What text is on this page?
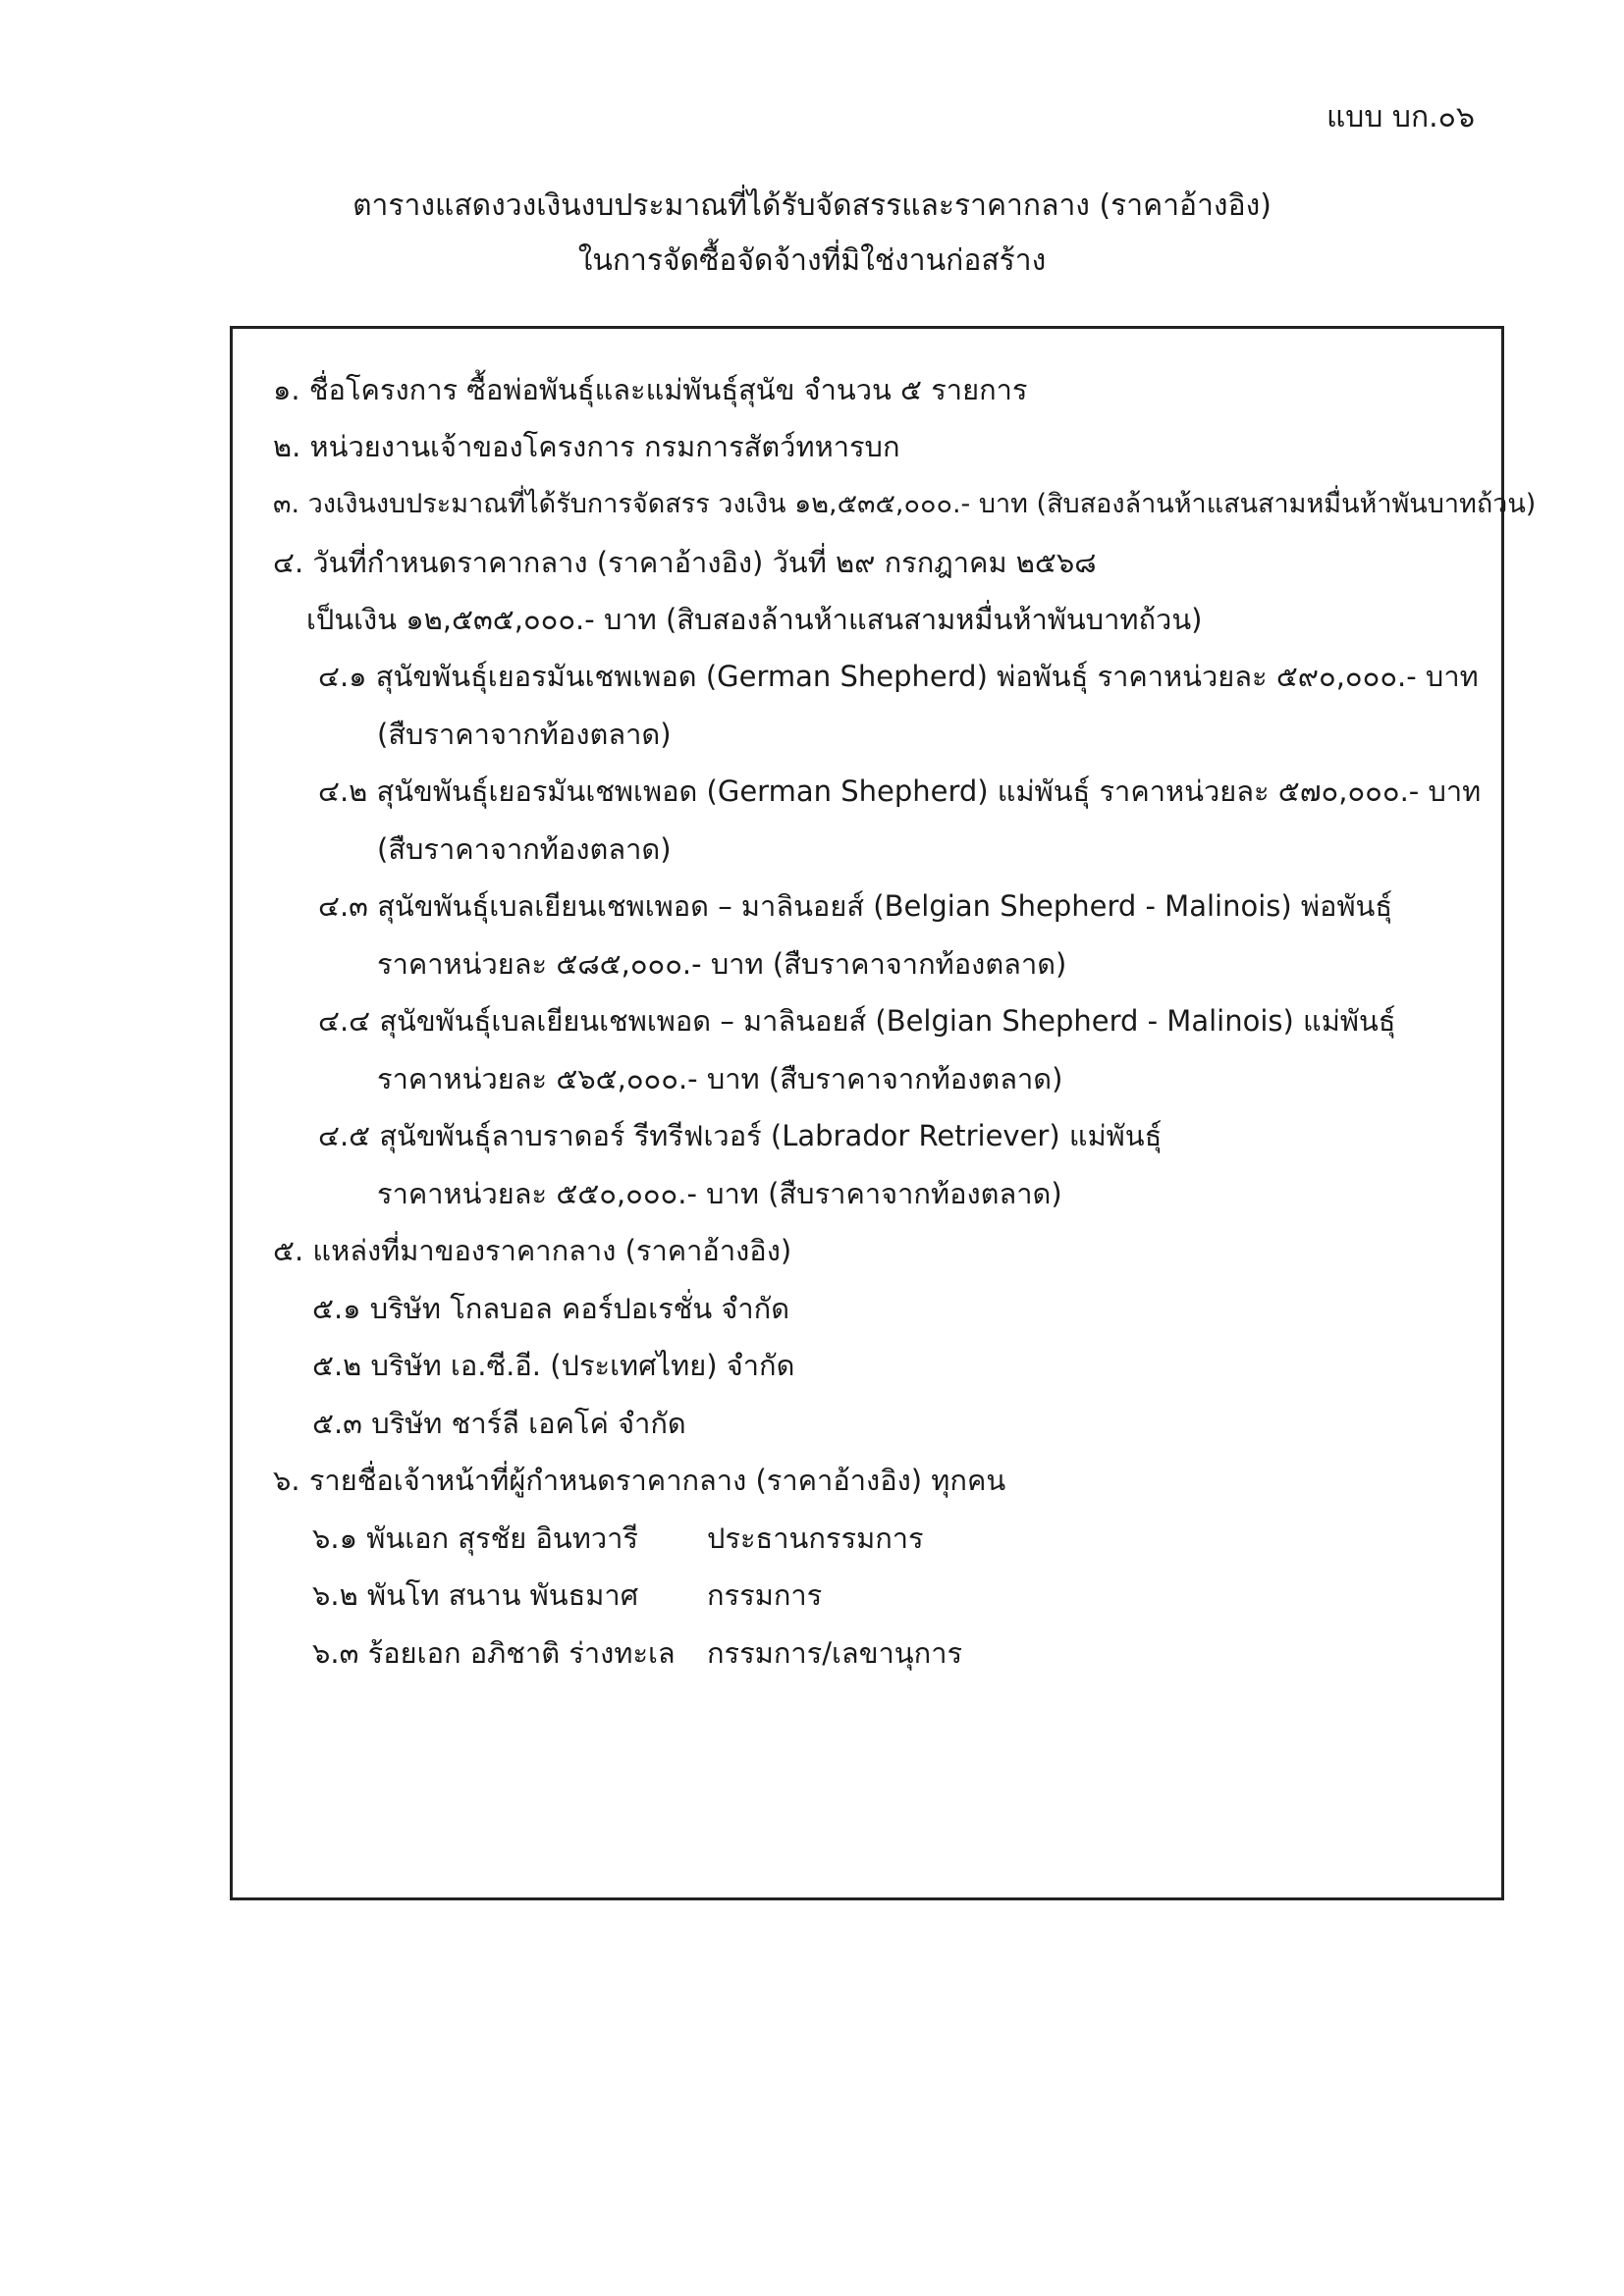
แบบ บก.๐๖
ตารางแสดงวงเงินงบประมาณที่ได้รับจัดสรรและราคากลาง (ราคาอ้างอิง)
ในการจัดซื้อจัดจ้างที่มิใช่งานก่อสร้าง
๑. ชื่อโครงการ ซื้อพ่อพันธุ์และแม่พันธุ์สุนัข จำนวน ๕ รายการ
๒. หน่วยงานเจ้าของโครงการ กรมการสัตว์ทหารบก
๓. วงเงินงบประมาณที่ได้รับการจัดสรร วงเงิน ๑๒,๕๓๕,๐๐๐.- บาท (สิบสองล้านห้าแสนสามหมื่นห้าพันบาทถ้วน)
๔. วันที่กำหนดราคากลาง (ราคาอ้างอิง) วันที่ ๒๙ กรกฎาคม ๒๕๖๘
เป็นเงิน ๑๒,๕๓๕,๐๐๐.- บาท (สิบสองล้านห้าแสนสามหมื่นห้าพันบาทถ้วน)
๔.๑ สุนัขพันธุ์เยอรมันเชพเพอด (German Shepherd) พ่อพันธุ์ ราคาหน่วยละ ๕๙๐,๐๐๐.- บาท
(สืบราคาจากท้องตลาด)
๔.๒ สุนัขพันธุ์เยอรมันเชพเพอด (German Shepherd) แม่พันธุ์ ราคาหน่วยละ ๕๗๐,๐๐๐.- บาท
(สืบราคาจากท้องตลาด)
๔.๓ สุนัขพันธุ์เบลเยียนเชพเพอด – มาลินอยส์ (Belgian Shepherd - Malinois) พ่อพันธุ์
ราคาหน่วยละ ๕๘๕,๐๐๐.- บาท (สืบราคาจากท้องตลาด)
๔.๔ สุนัขพันธุ์เบลเยียนเชพเพอด – มาลินอยส์ (Belgian Shepherd - Malinois) แม่พันธุ์
ราคาหน่วยละ ๕๖๕,๐๐๐.- บาท (สืบราคาจากท้องตลาด)
๔.๕ สุนัขพันธุ์ลาบราดอร์ รีทรีฟเวอร์ (Labrador Retriever) แม่พันธุ์
ราคาหน่วยละ ๕๕๐,๐๐๐.- บาท (สืบราคาจากท้องตลาด)
๕. แหล่งที่มาของราคากลาง (ราคาอ้างอิง)
๕.๑ บริษัท โกลบอล คอร์ปอเรชั่น จำกัด
๕.๒ บริษัท เอ.ซี.อี. (ประเทศไทย) จำกัด
๕.๓ บริษัท ชาร์ลี เอคโค่ จำกัด
๖. รายชื่อเจ้าหน้าที่ผู้กำหนดราคากลาง (ราคาอ้างอิง) ทุกคน
๖.๑ พันเอก สุรชัย อินทวารี ประธานกรรมการ
๖.๒ พันโท สนาน พันธมาศ กรรมการ
๖.๓ ร้อยเอก อภิชาติ ร่างทะเล กรรมการ/เลขานุการ
